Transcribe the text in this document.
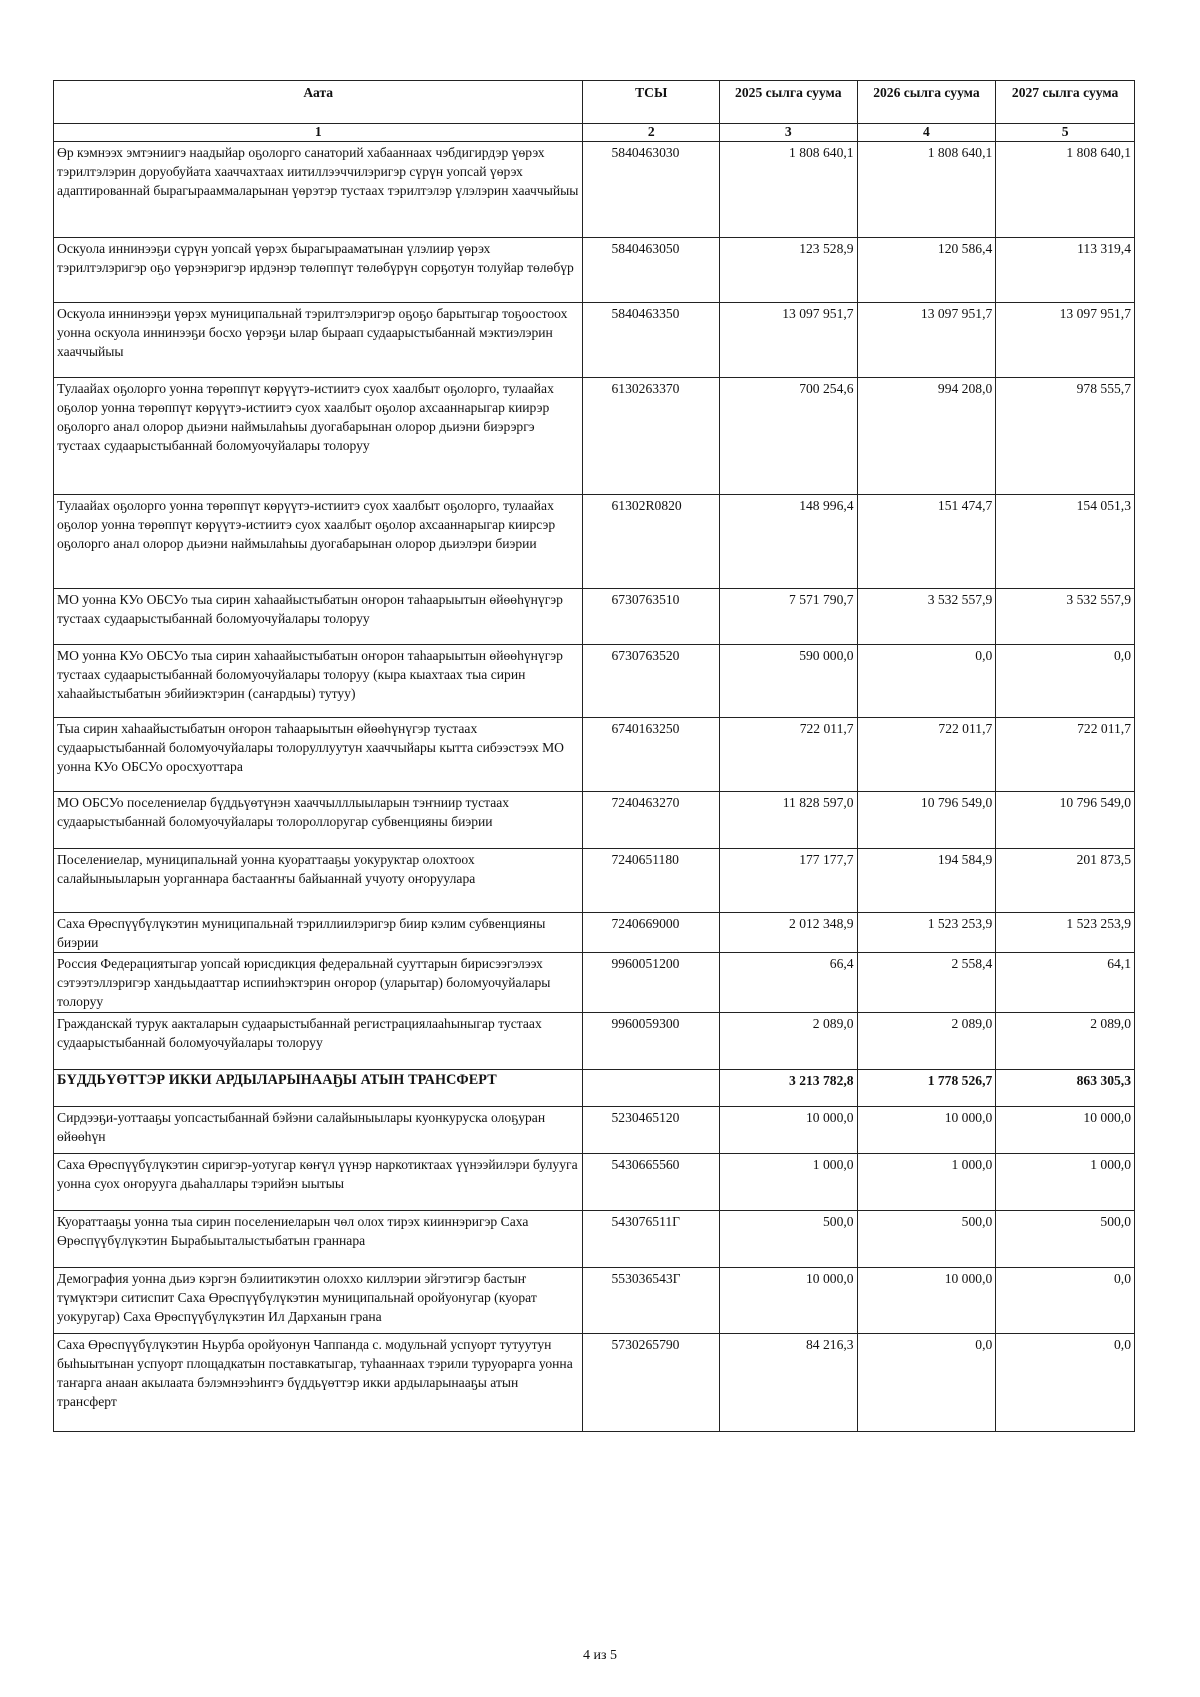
Аата	ТСЫ	2025 сылга суума	2026 сылга суума	2027 сылга суума
1	2	3	4	5
Өр кэмнээх эмтэниигэ наадыйар оҕолорго санаторий хабааннаах чэбдигирдэр үөрэх тэрилтэлэрин доруобуйата хааччахтаах иитиллээччилэригэр сүрүн уопсай үөрэх адаптированнай бырагырааммаларынан үөрэтэр тустаах тэрилтэлэр үлэлэрин хааччыйыы	5840463030	1 808 640,1	1 808 640,1	1 808 640,1
Оскуола иннинээҕи сүрүн уопсай үөрэх бырагырааматынан үлэлиир үөрэх тэрилтэлэригэр оҕо үөрэнэригэр ирдэнэр төлөппүт төлөбүрүн сорҕотун толуйар төлөбүр	5840463050	123 528,9	120 586,4	113 319,4
Оскуола иннинээҕи үөрэх муниципальнай тэрилтэлэригэр оҕоҕо барытыгар тоҕоостоох уонна оскуола иннинээҕи босхо үөрэҕи ылар быраап судаарыстыбаннай мэктиэлэрин хааччыйыы	5840463350	13 097 951,7	13 097 951,7	13 097 951,7
Тулаайах оҕолорго уонна төрөппүт көрүүтэ-истиитэ суох хаалбыт оҕолорго, тулаайах оҕолор уонна төрөппүт көрүүтэ-истиитэ суох хаалбыт оҕолор ахсааннарыгар киирэр оҕолорго анал олорор дьиэни наймылаһыы дуогабарынан олорор дьиэни биэрэргэ тустаах судаарыстыбаннай боломуочуйалары толоруу	6130263370	700 254,6	994 208,0	978 555,7
Тулаайах оҕолорго уонна төрөппүт көрүүтэ-истиитэ суох хаалбыт оҕолорго, тулаайах оҕолор уонна төрөппүт көрүүтэ-истиитэ суох хаалбыт оҕолор ахсааннарыгар киирсэр оҕолорго анал олорор дьиэни наймылаһыы дуогабарынан олорор дьиэлэри биэрии	61302R0820	148 996,4	151 474,7	154 051,3
МО уонна КУо ОБСУо тыа сирин хаһаайыстыбатын оҥорон таһаарыытын өйөөһүнүгэр тустаах судаарыстыбаннай боломуочуйалары толоруу	6730763510	7 571 790,7	3 532 557,9	3 532 557,9
МО уонна КУо ОБСУо тыа сирин хаһаайыстыбатын оҥорон таһаарыытын өйөөһүнүгэр тустаах судаарыстыбаннай боломуочуйалары толоруу (кыра кыахтаах тыа сирин хаһаайыстыбатын эбийиэктэрин (саҥардыы) тутуу)	6730763520	590 000,0	0,0	0,0
Тыа сирин хаһаайыстыбатын оҥорон таһаарыытын өйөөһүнүгэр тустаах судаарыстыбаннай боломуочуйалары толоруллуутун хааччыйары кытта сибээстээх МО уонна КУо ОБСУо оросхуоттара	6740163250	722 011,7	722 011,7	722 011,7
МО ОБСУо поселениелар бүддьүөтүнэн хааччылллыыларын тэҥниир тустаах судаарыстыбаннай боломуочуйалары толороллоругар субвенцияны биэрии	7240463270	11 828 597,0	10 796 549,0	10 796 549,0
Поселениелар, муниципальнай уонна куораттааҕы уокуруктар олохтоох салайыныыларын уорганнара бастааҥҥы байыаннай учуоту оҥоруулара	7240651180	177 177,7	194 584,9	201 873,5
Саха Өрөспүүбүлүкэтин муниципальнай тэриллиилэригэр биир кэлим субвенцияны биэрии	7240669000	2 012 348,9	1 523 253,9	1 523 253,9
Россия Федерациятыгар уопсай юрисдикция федеральнай сууттарын бирисээгэлээх сэтээтэллэригэр хандьыдааттар испииһэктэрин оҥорор (уларытар) боломуочуйалары толоруу	9960051200	66,4	2 558,4	64,1
Гражданскай турук аакталарын судаарыстыбаннай регистрациялааһыныгар тустаах судаарыстыбаннай боломуочуйалары толоруу	9960059300	2 089,0	2 089,0	2 089,0
БҮДДЬҮӨТТЭР ИККИ АРДЫЛАРЫНААҔЫ АТЫН ТРАНСФЕРТ		3 213 782,8	1 778 526,7	863 305,3
Сирдээҕи-уоттааҕы уопсастыбаннай бэйэни салайыныылары куонкуруска олоҕуран өйөөһүн	5230465120	10 000,0	10 000,0	10 000,0
Саха Өрөспүүбүлүкэтин сиригэр-уотугар көҥүл үүнэр наркотиктаах үүнээйилэри булууга уонна суох оҥорууга дьаһаллары тэрийэн ыытыы	5430665560	1 000,0	1 000,0	1 000,0
Куораттааҕы уонна тыа сирин поселениеларын чөл олох тирэх кииннэригэр Саха Өрөспүүбүлүкэтин Бырабыыталыстыбатын граннара	543076511Г	500,0	500,0	500,0
Демография уонна дьиэ кэргэн бэлиитикэтин олоххо киллэрии эйгэтигэр бастыҥ түмүктэри ситиспит Саха Өрөспүүбүлүкэтин муниципальнай оройуонугар (куорат уокуругар) Саха Өрөспүүбүлүкэтин Ил Дарханын грана	553036543Г	10 000,0	10 000,0	0,0
Саха Өрөспүүбүлүкэтин Ньурба оройуонун Чаппанда с. модульнай успуорт тутуутун быһыытынан успуорт площадкатын поставкатыгар, туһааннаах тэрили туруорарга уонна таҥарга анаан акылаата бэлэмнээһиҥгэ бүддьүөттэр икки ардыларынааҕы атын трансферт	5730265790	84 216,3	0,0	0,0
4 из 5
